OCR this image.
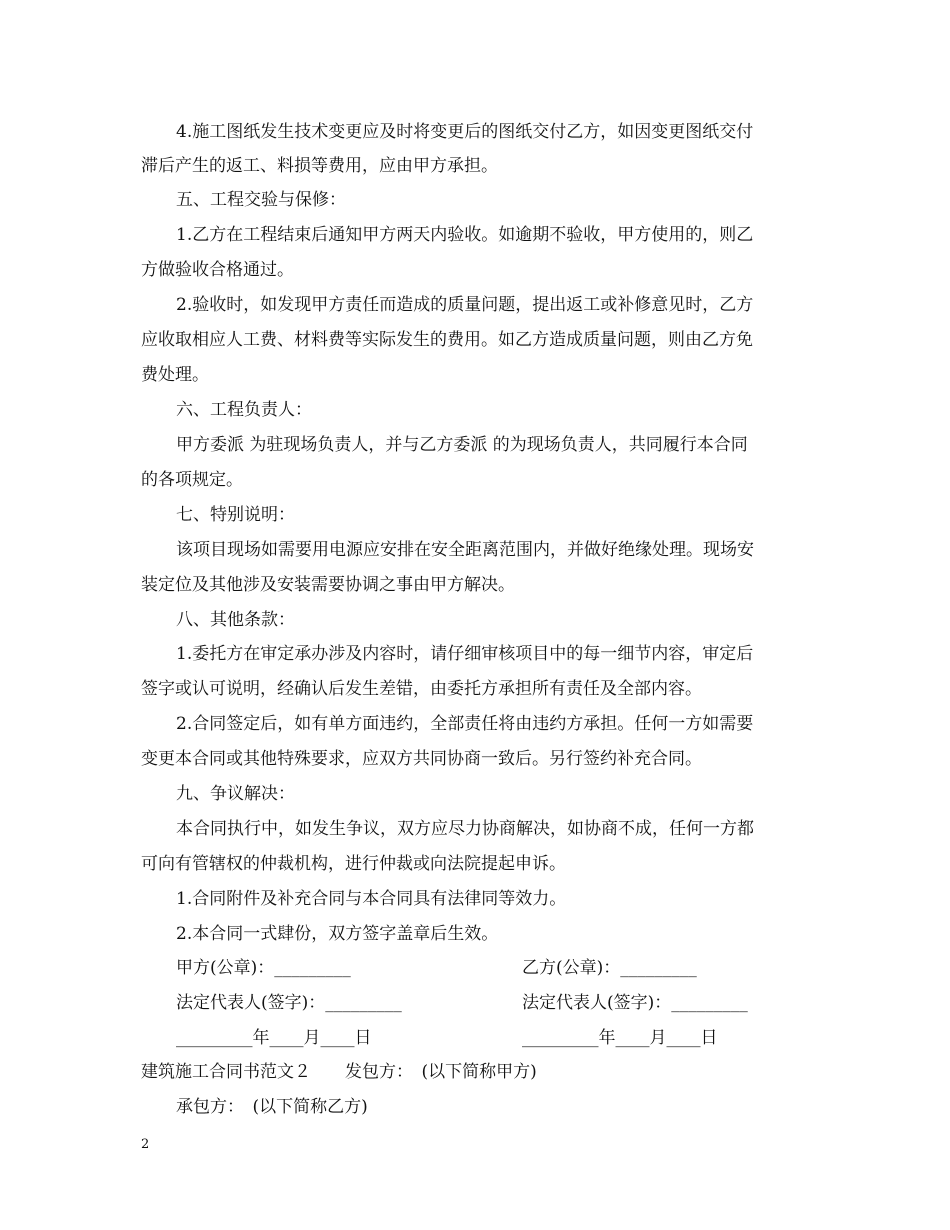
4.施工图纸发生技术变更应及时将变更后的图纸交付乙方，如因变更图纸交付
滞后产生的返工、料损等费用，应由甲方承担。
五、工程交验与保修：
1.乙方在工程结束后通知甲方两天内验收。如逾期不验收，甲方使用的，则乙
方做验收合格通过。
2.验收时，如发现甲方责任而造成的质量问题，提出返工或补修意见时，乙方
应收取相应人工费、材料费等实际发生的费用。如乙方造成质量问题，则由乙方免
费处理。
六、工程负责人：
甲方委派 为驻现场负责人，并与乙方委派 的为现场负责人，共同履行本合同
的各项规定。
七、特别说明：
该项目现场如需要用电源应安排在安全距离范围内，并做好绝缘处理。现场安
装定位及其他涉及安装需要协调之事由甲方解决。
八、其他条款：
1.委托方在审定承办涉及内容时，请仔细审核项目中的每一细节内容，审定后
签字或认可说明，经确认后发生差错，由委托方承担所有责任及全部内容。
2.合同签定后，如有单方面违约，全部责任将由违约方承担。任何一方如需要
变更本合同或其他特殊要求，应双方共同协商一致后。另行签约补充合同。
九、争议解决：
本合同执行中，如发生争议，双方应尽力协商解决，如协商不成，任何一方都
可向有管辖权的仲裁机构，进行仲裁或向法院提起申诉。
1.合同附件及补充合同与本合同具有法律同等效力。
2.本合同一式肆份，双方签字盖章后生效。
甲方(公章)：_________	乙方(公章)：_________
法定代表人(签字)：_________	法定代表人(签字)：_________
_________年____月____日	_________年____月____日
建筑施工合同书范文２　　发包方：　(以下简称甲方)
承包方：　(以下简称乙方)
2
